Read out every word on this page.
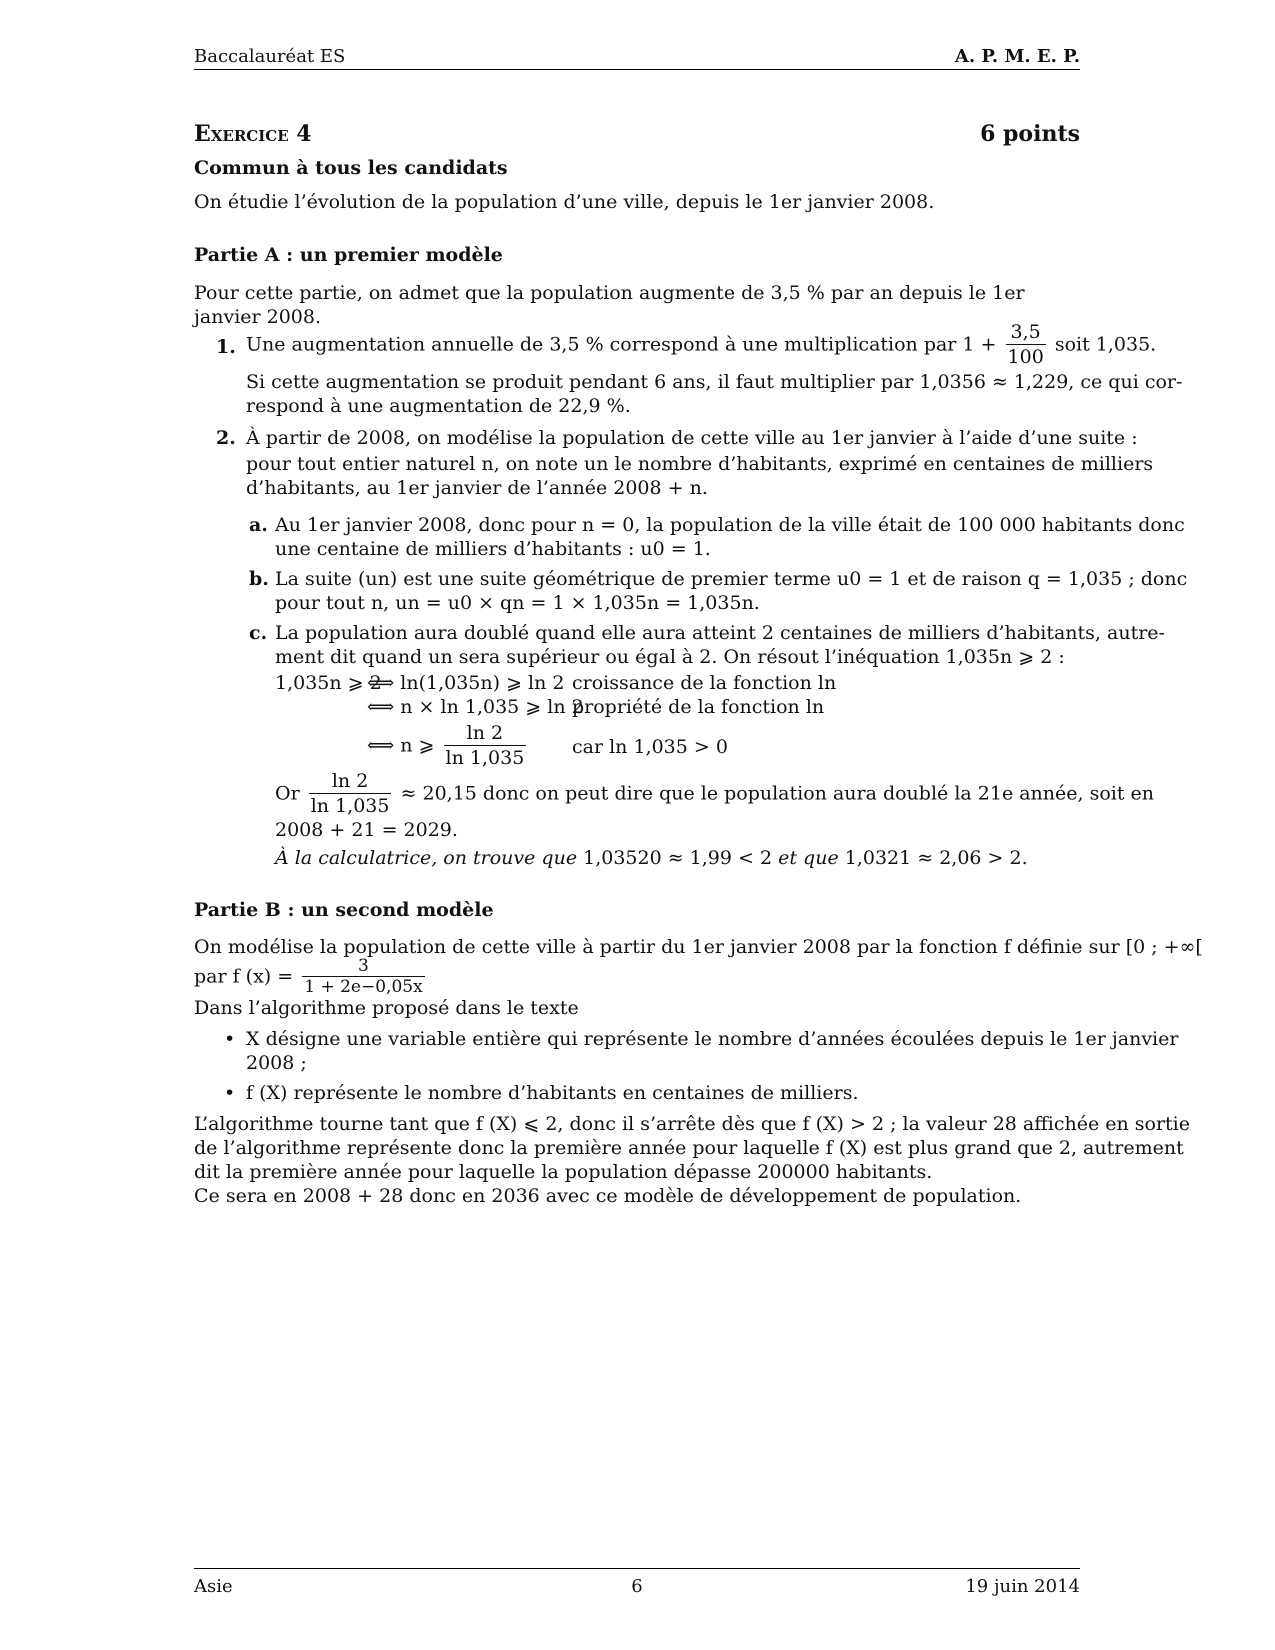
Baccalauréat ES	A. P. M. E. P.
Exercice 4	6 points
Commun à tous les candidats
On étudie l’évolution de la population d’une ville, depuis le 1er janvier 2008.
Partie A : un premier modèle
Pour cette partie, on admet que la population augmente de 3,5 % par an depuis le 1er janvier 2008.
1. Une augmentation annuelle de 3,5 % correspond à une multiplication par $1 + \frac{3,5}{100}$ soit 1,035.
Si cette augmentation se produit pendant 6 ans, il faut multiplier par 1,0356 ≈ 1,229, ce qui cor-
respond à une augmentation de 22,9 %.
2. À partir de 2008, on modélise la population de cette ville au 1er janvier à l’aide d’une suite :
pour tout entier naturel n, on note un le nombre d’habitants, exprimé en centaines de milliers
d’habitants, au 1er janvier de l’année 2008 + n.
a. Au 1er janvier 2008, donc pour n = 0, la population de la ville était de 100 000 habitants donc
une centaine de milliers d’habitants : u0 = 1.
b. La suite (un) est une suite géométrique de premier terme u0 = 1 et de raison q = 1,035 ; donc
pour tout n, un = u0 × qn = 1 × 1,035n = 1,035n.
c. La population aura doublé quand elle aura atteint 2 centaines de milliers d’habitants, autre-
ment dit quand un sera supérieur ou égal à 2. On résout l’inéquation 1,035n ⩾ 2 :
1,035n ⩾ 2
⟺ ln(1,035n) ⩾ ln 2 croissance de la fonction ln
⟺ n × ln 1,035 ⩾ ln 2
propriété de la fonction ln
⟺ n ⩾ $\frac{\ln 2}{\ln 1,035}$ car ln 1,035 > 0
Or $\frac{\ln 2}{\ln 1,035} \approx 20,15$ donc on peut dire que le population aura doublé la 21e année, soit en
2008 + 21 = 2029.
À la calculatrice, on trouve que 1,03520 ≈ 1,99 < 2 et que 1,0321 ≈ 2,06 > 2.
Partie B : un second modèle
On modélise la population de cette ville à partir du 1er janvier 2008 par la fonction f définie sur [0 ; +∞[
par f $(x) = \frac{3}{1 + 2e-0,05x}$
Dans l’algorithme proposé dans le texte
• X désigne une variable entière qui représente le nombre d’années écoulées depuis le 1er janvier
2008 ;
• f (X) représente le nombre d’habitants en centaines de milliers.
L’algorithme tourne tant que f (X) ⩽ 2, donc il s’arrête dès que f (X) > 2 ; la valeur 28 affichée en sortie
de l’algorithme représente donc la première année pour laquelle f (X) est plus grand que 2, autrement
dit la première année pour laquelle la population dépasse 200000 habitants.
Ce sera en 2008 + 28 donc en 2036 avec ce modèle de développement de population.
Asie	6	19 juin 2014
